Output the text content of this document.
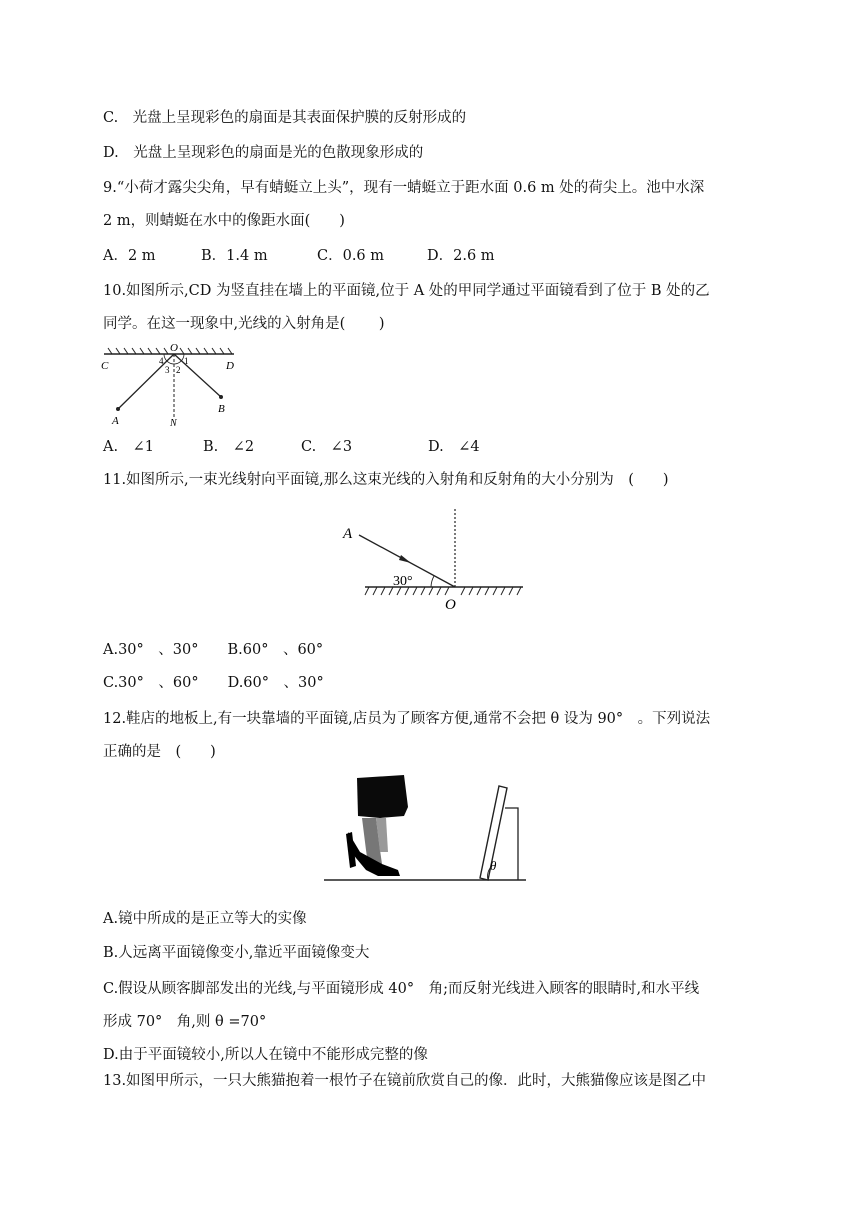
C.　光盘上呈现彩色的扇面是其表面保护膜的反射形成的
D.　光盘上呈现彩色的扇面是光的色散现象形成的
9.“小荷才露尖尖角，早有蜻蜓立上头”，现有一蜻蜓立于距水面 0.6 m 处的荷尖上。池中水深
2 m，则蜻蜓在水中的像距水面(　　)
A．2 m	B．1.4 m	C．0.6 m	D．2.6 m
10.如图所示,CD 为竖直挂在墙上的平面镜,位于 A 处的甲同学通过平面镜看到了位于 B 处的乙
同学。在这一现象中,光线的入射角是(　　 )
C	D
O
A
B
N
1
2
3
4
A.　∠1	B.　∠2	C.　∠3	D.　∠4
11.如图所示,一束光线射向平面镜,那么这束光线的入射角和反射角的大小分别为　(　　)
A
30°
O
A.30°　、30°　　B.60°　、60°
C.30°　、60°　　D.60°　、30°
12.鞋店的地板上,有一块靠墙的平面镜,店员为了顾客方便,通常不会把 θ 设为 90°　。下列说法
正确的是　(　　)
θ
A.镜中所成的是正立等大的实像
B.人远离平面镜像变小,靠近平面镜像变大
C.假设从顾客脚部发出的光线,与平面镜形成 40°　角;而反射光线进入顾客的眼睛时,和水平线
形成 70°　角,则 θ =70°
D.由于平面镜较小,所以人在镜中不能形成完整的像
13.如图甲所示，一只大熊猫抱着一根竹子在镜前欣赏自己的像．此时，大熊猫像应该是图乙中
